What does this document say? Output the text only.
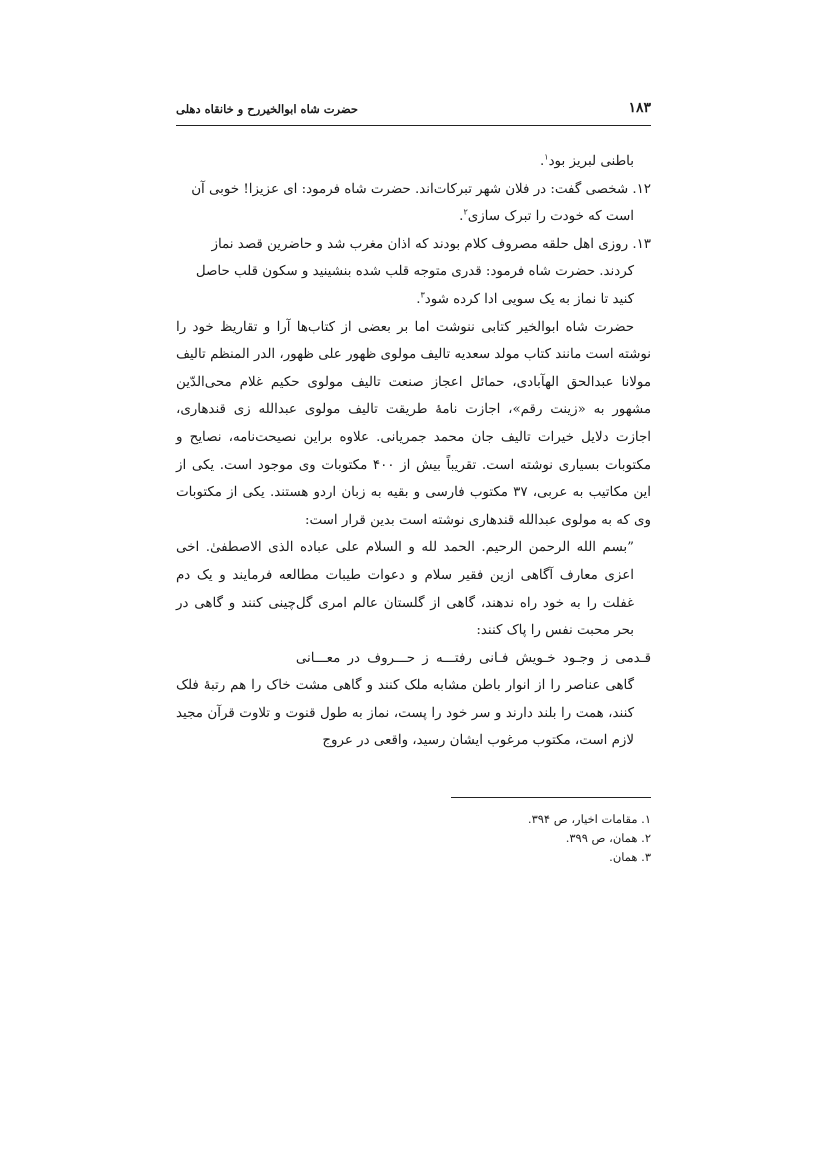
۱۸۳
حضرت شاه ابوالخیر‌رح و خانقاه دهلی

باطنی لبریز بود$^۱$.

۱۲. شخصی گفت: در فلان شهر تبرکات‌اند. حضرت شاه فرمود: ای عزیزا! خوبی آن

است که خودت را تبرک سازی$^۲$.

۱۳. روزی اهل حلقه مصروف کلام بودند که اذان مغرب شد و حاضرین قصد نماز

کردند. حضرت شاه فرمود: قدری متوجه قلب شده بنشینید و سکون قلب حاصل

کنید تا نماز به یک سویی ادا کرده شود$^۳$.

حضرت شاه ابوالخیر کتابی ننوشت اما بر بعضی از کتاب‌ها آرا و تقاریظ خود را نوشته است مانند کتاب مولد سعدیه تالیف مولوی ظهور علی ظهور، الدر المنظم تالیف مولانا عبدالحق الهآبادی، حمائل اعجاز صنعت تالیف مولوی حکیم غلام محی‌الدّین مشهور به «زینت رقم»، اجازت نامهٔ طریقت تالیف مولوی عبدالله زی قندهاری، اجازت دلایل خیرات تالیف جان محمد جمریانی. علاوه براین نصیحت‌نامه، نصایح و مکتوبات بسیاری نوشته است. تقریباً بیش از ۴۰۰ مکتوبات وی موجود است. یکی از این مکاتیب به عربی، ۳۷ مکتوب فارسی و بقیه به زبان اردو هستند. یکی از مکتوبات وی که به مولوی عبدالله قندهاری نوشته است بدین قرار است:

”بسم الله الرحمن الرحیم. الحمد لله و السلام علی عباده الذی الاصطفیٰ. اخی اعزی معارف آگاهی ازین فقیر سلام و دعوات طیبات مطالعه فرمایند و یک دم غفلت را به خود راه ندهند، گاهی از گلستان عالم امری گل‌چینی کنند و گاهی در بحر محبت نفس را پاک کنند:

قـدمی ز وجـود خـویش فـانی رفتـــه ز حـــروف در معـــانی

گاهی عناصر را از انوار باطن مشابه ملک کنند و گاهی مشت خاک را هم رتبهٔ فلک کنند، همت را بلند دارند و سر خود را پست، نماز به طول قنوت و تلاوت قرآن مجید لازم است، مکتوب مرغوب ایشان رسید، واقعی در عروج

۱. مقامات اخیار، ص ۳۹۴.
۲. همان، ص ۳۹۹.
۳. همان.
